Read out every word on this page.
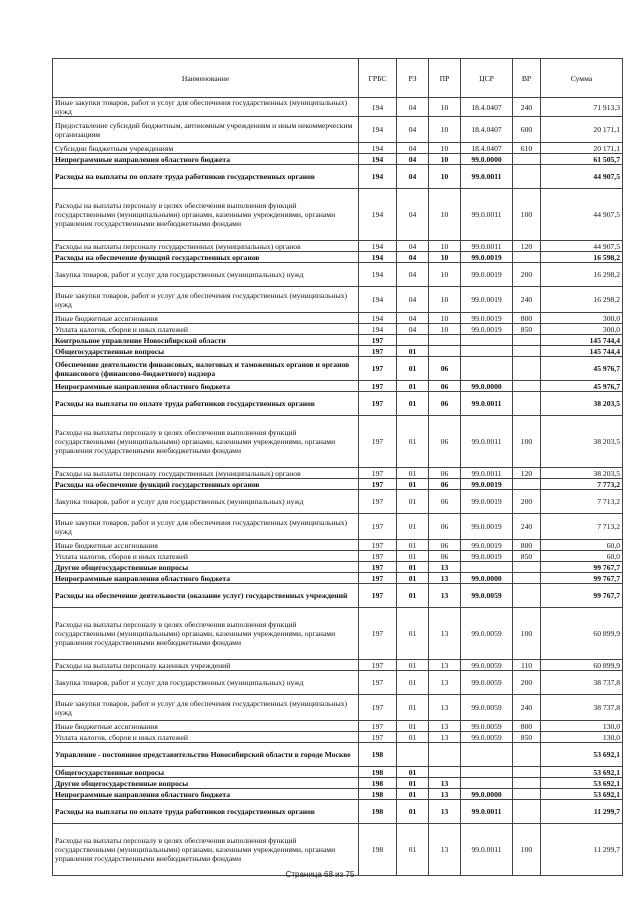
Наименование	ГРБС	РЗ	ПР	ЦСР	ВР	Сумма
Иные закупки товаров, работ и услуг для обеспечения государственных (муниципальных) нужд	194	04	10	18.4.0407	240	71 913,3
Предоставление субсидий бюджетным, автономным учреждениям и иным некоммерческим организациям	194	04	10	18.4.0407	600	20 171,1
Субсидии бюджетным учреждениям	194	04	10	18.4.0407	610	20 171,1
Непрограммные направления областного бюджета	194	04	10	99.0.0000		61 505,7
Расходы на выплаты по оплате труда работников государственных органов	194	04	10	99.0.0011		44 907,5
Расходы на выплаты персоналу в целях обеспечения выполнения функций государственными (муниципальными) органами, казенными учреждениями, органами управления государственными внебюджетными фондами	194	04	10	99.0.0011	100	44 907,5
Расходы на выплаты персоналу государственных (муниципальных) органов	194	04	10	99.0.0011	120	44 907,5
Расходы на обеспечение функций государственных органов	194	04	10	99.0.0019		16 598,2
Закупка товаров, работ и услуг для государственных (муниципальных) нужд	194	04	10	99.0.0019	200	16 298,2
Иные закупки товаров, работ и услуг для обеспечения государственных (муниципальных) нужд	194	04	10	99.0.0019	240	16 298,2
Иные бюджетные ассигнования	194	04	10	99.0.0019	800	300,0
Уплата налогов, сборов и иных платежей	194	04	10	99.0.0019	850	300,0
Контрольное управление Новосибирской области	197					145 744,4
Общегосударственные вопросы	197	01				145 744,4
Обеспечение деятельности финансовых, налоговых и таможенных органов и органов финансового (финансово-бюджетного) надзора	197	01	06			45 976,7
Непрограммные направления областного бюджета	197	01	06	99.0.0000		45 976,7
Расходы на выплаты по оплате труда работников государственных органов	197	01	06	99.0.0011		38 203,5
Расходы на выплаты персоналу в целях обеспечения выполнения функций государственными (муниципальными) органами, казенными учреждениями, органами управления государственными внебюджетными фондами	197	01	06	99.0.0011	100	38 203,5
Расходы на выплаты персоналу государственных (муниципальных) органов	197	01	06	99.0.0011	120	38 203,5
Расходы на обеспечение функций государственных органов	197	01	06	99.0.0019		7 773,2
Закупка товаров, работ и услуг для государственных (муниципальных) нужд	197	01	06	99.0.0019	200	7 713,2
Иные закупки товаров, работ и услуг для обеспечения государственных (муниципальных) нужд	197	01	06	99.0.0019	240	7 713,2
Иные бюджетные ассигнования	197	01	06	99.0.0019	800	60,0
Уплата налогов, сборов и иных платежей	197	01	06	99.0.0019	850	60,0
Другие общегосударственные вопросы	197	01	13			99 767,7
Непрограммные направления областного бюджета	197	01	13	99.0.0000		99 767,7
Расходы на обеспечение деятельности (оказание услуг) государственных учреждений	197	01	13	99.0.0059		99 767,7
Расходы на выплаты персоналу в целях обеспечения выполнения функций государственными (муниципальными) органами, казенными учреждениями, органами управления государственными внебюджетными фондами	197	01	13	99.0.0059	100	60 899,9
Расходы на выплаты персоналу казенных учреждений	197	01	13	99.0.0059	110	60 899,9
Закупка товаров, работ и услуг для государственных (муниципальных) нужд	197	01	13	99.0.0059	200	38 737,8
Иные закупки товаров, работ и услуг для обеспечения государственных (муниципальных) нужд	197	01	13	99.0.0059	240	38 737,8
Иные бюджетные ассигнования	197	01	13	99.0.0059	800	130,0
Уплата налогов, сборов и иных платежей	197	01	13	99.0.0059	850	130,0
Управление - постоянное представительство Новосибирской области в городе Москве	198					53 692,1
Общегосударственные вопросы	198	01				53 692,1
Другие общегосударственные вопросы	198	01	13			53 692,1
Непрограммные направления областного бюджета	198	01	13	99.0.0000		53 692,1
Расходы на выплаты по оплате труда работников государственных органов	198	01	13	99.0.0011		11 299,7
Расходы на выплаты персоналу в целях обеспечения выполнения функций государственными (муниципальными) органами, казенными учреждениями, органами управления государственными внебюджетными фондами	198	01	13	99.0.0011	100	11 299,7
Страница 68 из 75
